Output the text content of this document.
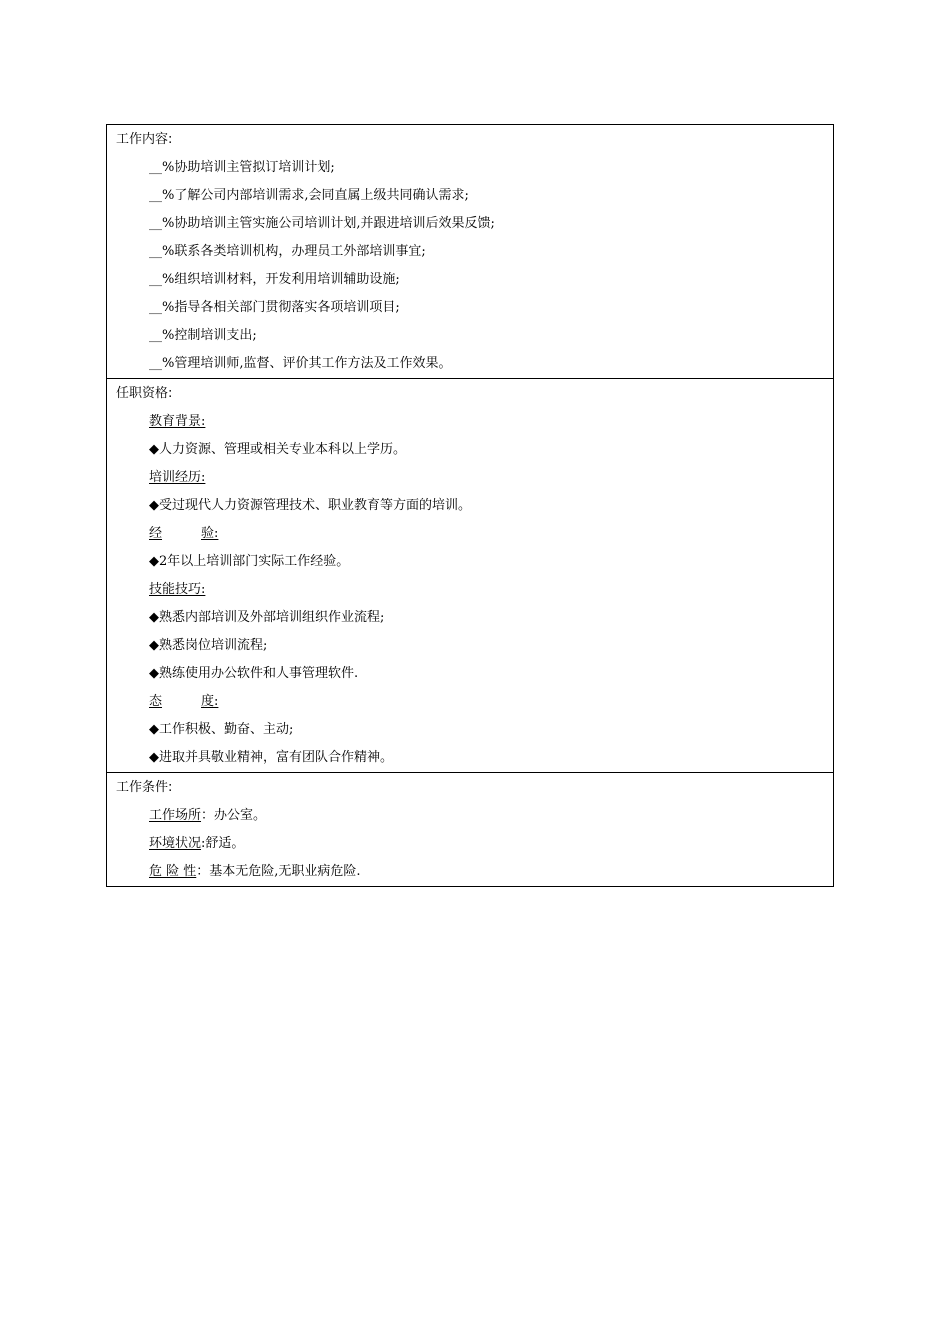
工作内容:
__%协助培训主管拟订培训计划;
__%了解公司内部培训需求,会同直属上级共同确认需求;
__%协助培训主管实施公司培训计划,并跟进培训后效果反馈;
__%联系各类培训机构，办理员工外部培训事宜;
__%组织培训材料，开发利用培训辅助设施;
__%指导各相关部门贯彻落实各项培训项目;
__%控制培训支出;
__%管理培训师,监督、评价其工作方法及工作效果。
任职资格:
教育背景:
◆人力资源、管理或相关专业本科以上学历。
培训经历:
◆受过现代人力资源管理技术、职业教育等方面的培训。
经	验:
◆2年以上培训部门实际工作经验。
技能技巧:
◆熟悉内部培训及外部培训组织作业流程;
◆熟悉岗位培训流程;
◆熟练使用办公软件和人事管理软件.
态	度:
◆工作积极、勤奋、主动;
◆进取并具敬业精神，富有团队合作精神。
工作条件:
工作场所 ：办公室。
环境状况 :舒适。
危 险 性 ：基本无危险,无职业病危险.
